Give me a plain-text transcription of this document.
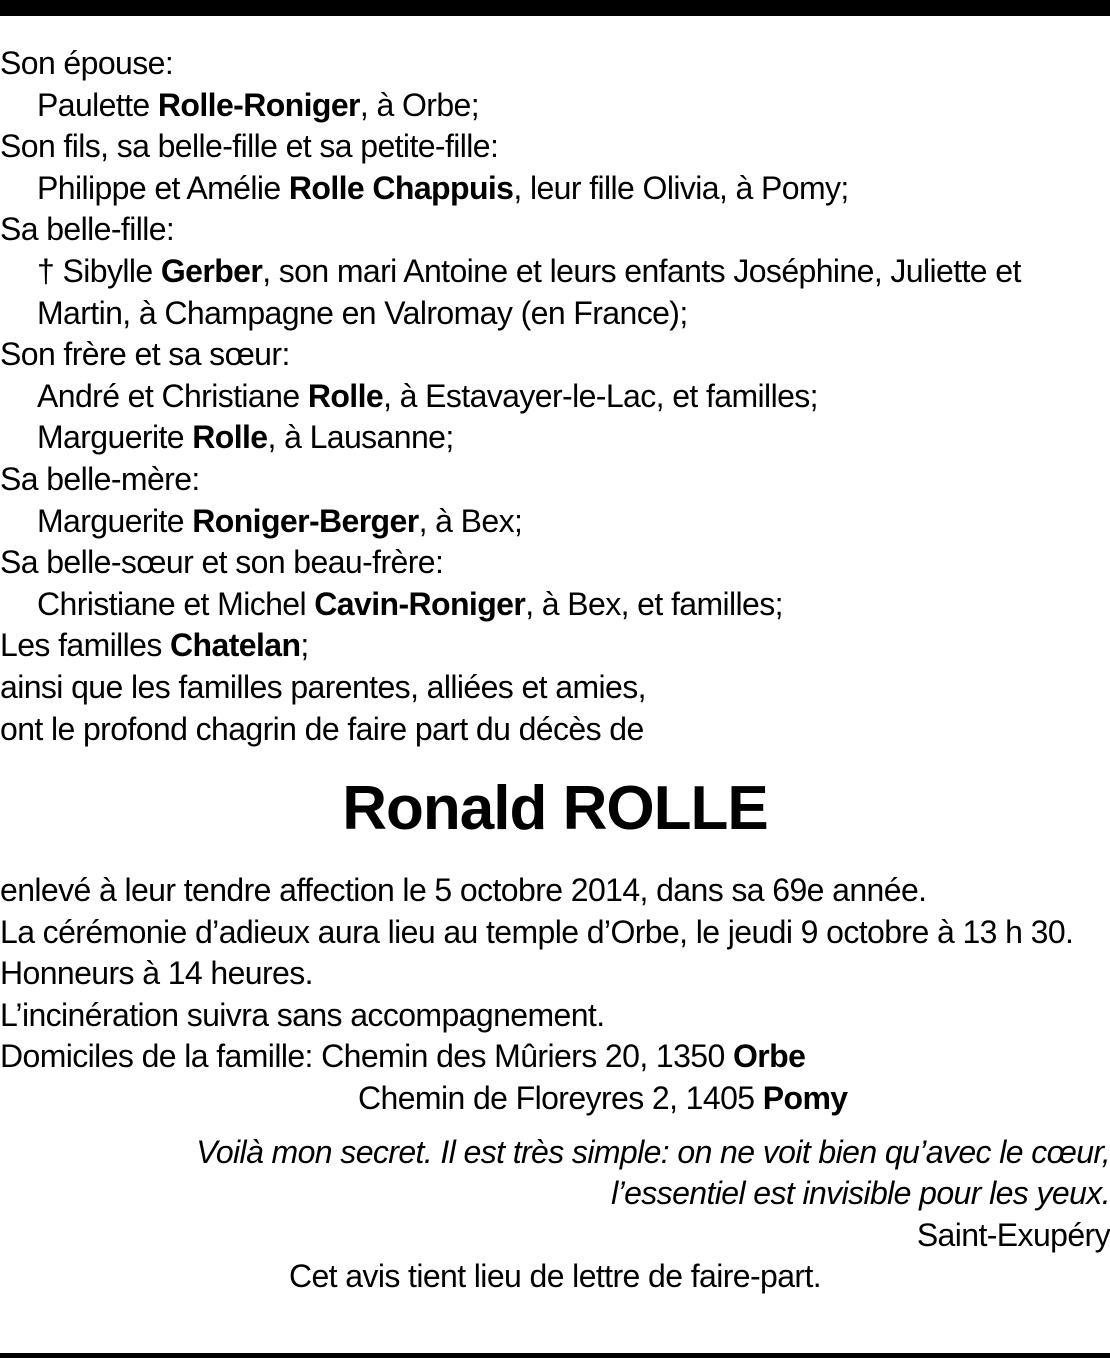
Son épouse:
Paulette Rolle-Roniger, à Orbe;
Son fils, sa belle-fille et sa petite-fille:
Philippe et Amélie Rolle Chappuis, leur fille Olivia, à Pomy;
Sa belle-fille:
† Sibylle Gerber, son mari Antoine et leurs enfants Joséphine, Juliette et
Martin, à Champagne en Valromay (en France);
Son frère et sa sœur:
André et Christiane Rolle, à Estavayer-le-Lac, et familles;
Marguerite Rolle, à Lausanne;
Sa belle-mère:
Marguerite Roniger-Berger, à Bex;
Sa belle-sœur et son beau-frère:
Christiane et Michel Cavin-Roniger, à Bex, et familles;
Les familles Chatelan;
ainsi que les familles parentes, alliées et amies,
ont le profond chagrin de faire part du décès de
Ronald ROLLE
enlevé à leur tendre affection le 5 octobre 2014, dans sa 69e année.
La cérémonie d’adieux aura lieu au temple d’Orbe, le jeudi 9 octobre à 13 h 30.
Honneurs à 14 heures.
L’incinération suivra sans accompagnement.
Domiciles de la famille: Chemin des Mûriers 20, 1350 Orbe
Chemin de Floreyres 2, 1405 Pomy
Voilà mon secret. Il est très simple: on ne voit bien qu’avec le cœur,
l’essentiel est invisible pour les yeux.
Saint-Exupéry
Cet avis tient lieu de lettre de faire-part.
